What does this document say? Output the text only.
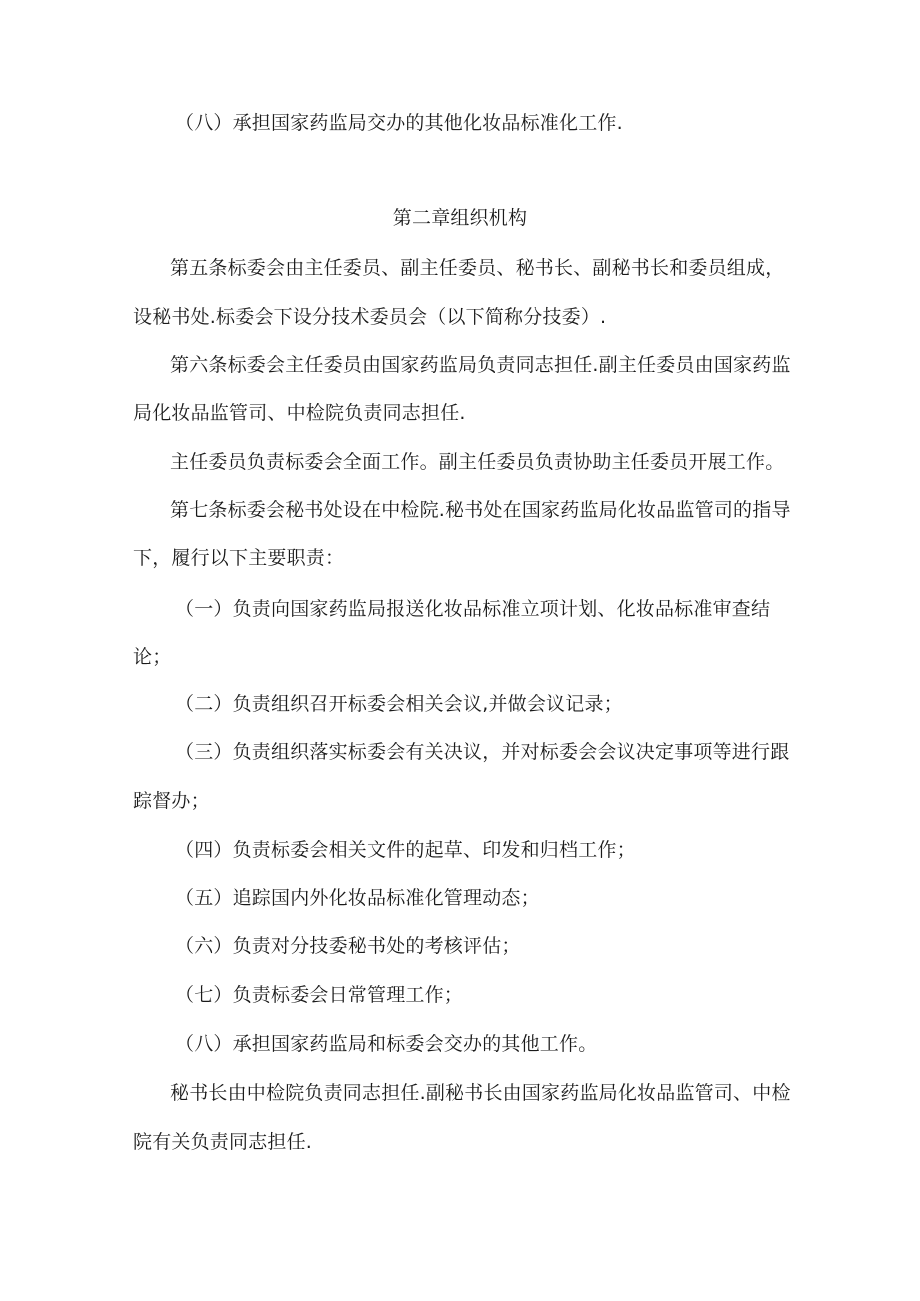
（八）承担国家药监局交办的其他化妆品标准化工作.
第二章组织机构
第五条标委会由主任委员、副主任委员、秘书长、副秘书长和委员组成，
设秘书处.标委会下设分技术委员会（以下简称分技委）.
第六条标委会主任委员由国家药监局负责同志担任.副主任委员由国家药监
局化妆品监管司、中检院负责同志担任.
主任委员负责标委会全面工作。副主任委员负责协助主任委员开展工作。
第七条标委会秘书处设在中检院.秘书处在国家药监局化妆品监管司的指导
下，履行以下主要职责：
（一）负责向国家药监局报送化妆品标准立项计划、化妆品标准审查结
论；
（二）负责组织召开标委会相关会议,并做会议记录；
（三）负责组织落实标委会有关决议，并对标委会会议决定事项等进行跟
踪督办；
（四）负责标委会相关文件的起草、印发和归档工作；
（五）追踪国内外化妆品标准化管理动态；
（六）负责对分技委秘书处的考核评估；
（七）负责标委会日常管理工作；
（八）承担国家药监局和标委会交办的其他工作。
秘书长由中检院负责同志担任.副秘书长由国家药监局化妆品监管司、中检
院有关负责同志担任.
